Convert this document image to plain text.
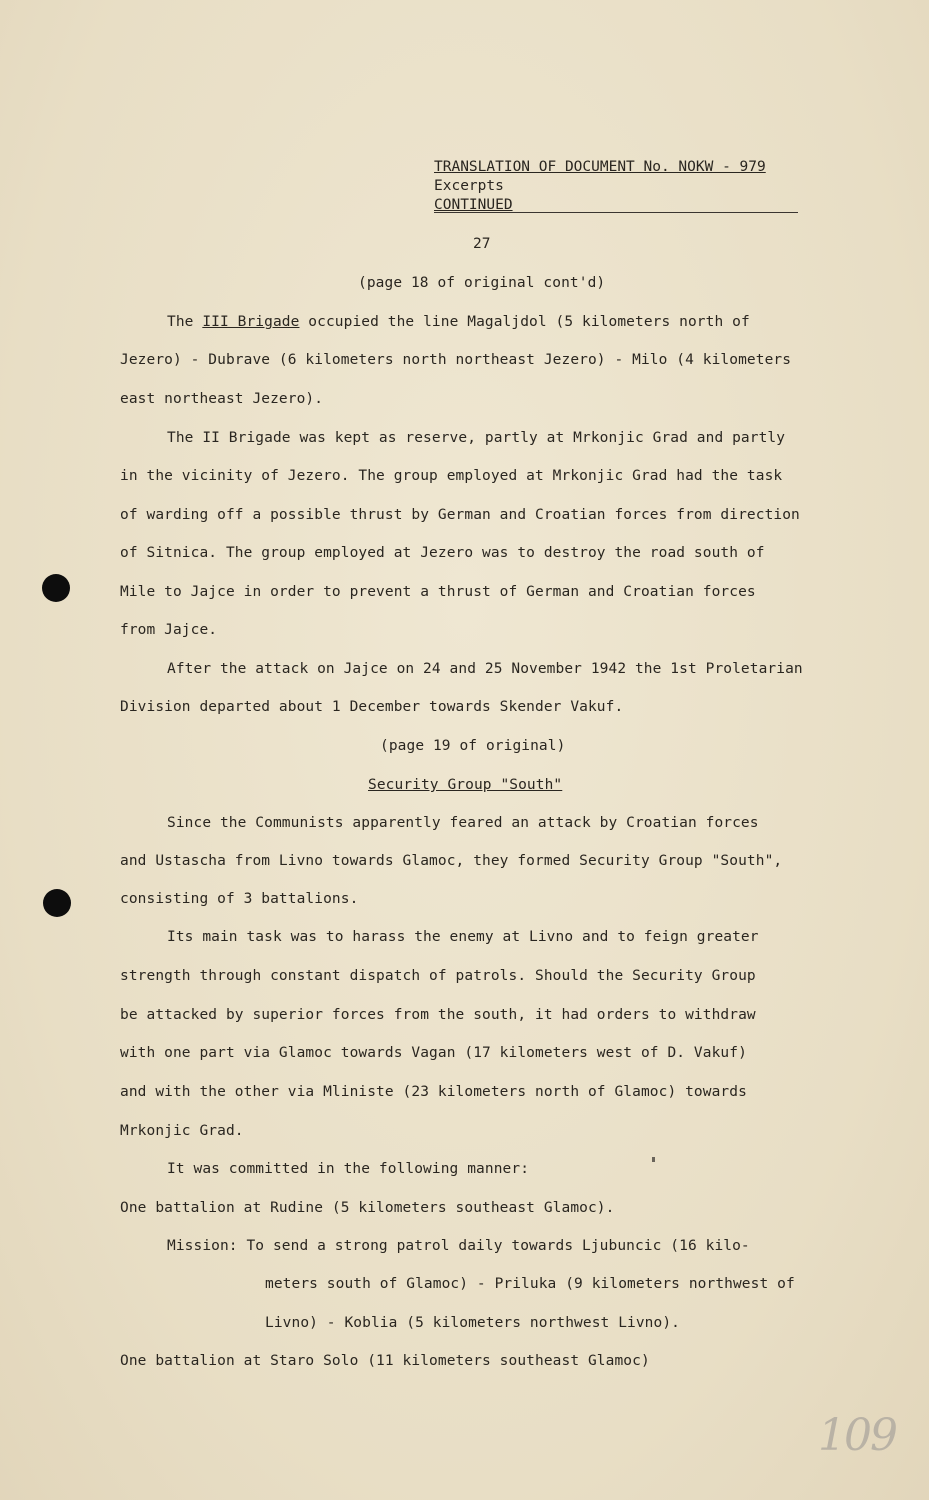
TRANSLATION OF DOCUMENT No. NOKW - 979
Excerpts
CONTINUED
27
(page 18 of original cont'd)
The III Brigade occupied the line Magaljdol (5 kilometers north of
Jezero) - Dubrave (6 kilometers north northeast Jezero) - Milo (4 kilometers
east northeast Jezero).
The II Brigade was kept as reserve, partly at Mrkonjic Grad and partly
in the vicinity of Jezero. The group employed at Mrkonjic Grad had the task
of warding off a possible thrust by German and Croatian forces from direction
of Sitnica. The group employed at Jezero was to destroy the road south of
Mile to Jajce in order to prevent a thrust of German and Croatian forces
from Jajce.
After the attack on Jajce on 24 and 25 November 1942 the 1st Proletarian
Division departed about 1 December towards Skender Vakuf.
(page 19 of original)
Security Group "South"
Since the Communists apparently feared an attack by Croatian forces
and Ustascha from Livno towards Glamoc, they formed Security Group "South",
consisting of 3 battalions.
Its main task was to harass the enemy at Livno and to feign greater
strength through constant dispatch of patrols. Should the Security Group
be attacked by superior forces from the south, it had orders to withdraw
with one part via Glamoc towards Vagan (17 kilometers west of D. Vakuf)
and with the other via Mliniste (23 kilometers north of Glamoc) towards
Mrkonjic Grad.
It was committed in the following manner:
One battalion at Rudine (5 kilometers southeast Glamoc).
Mission: To send a strong patrol daily towards Ljubuncic (16 kilo-
meters south of Glamoc) - Priluka (9 kilometers northwest of
Livno) - Koblia (5 kilometers northwest Livno).
One battalion at Staro Solo (11 kilometers southeast Glamoc)
109
